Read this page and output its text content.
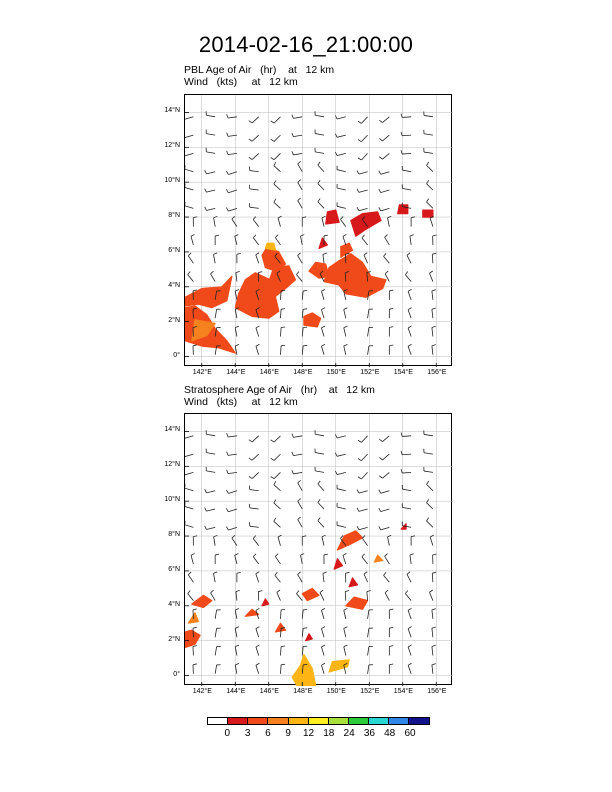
2014-02-16_21:00:00
PBL Age of Air   (hr)    at   12 km
Wind   (kts)     at   12 km
Stratosphere Age of Air   (hr)    at   12 km
Wind   (kts)     at   12 km
0 3 6 9 12 18 24 36 48 60
142°E 144°E 146°E 148°E 150°E 152°E 154°E 156°E
0°
2°N
4°N
6°N
8°N
10°N
12°N
14°N
142°E 144°E 146°E 148°E 150°E 152°E 154°E 156°E
0°
2°N
4°N
6°N
8°N
10°N
12°N
14°N
